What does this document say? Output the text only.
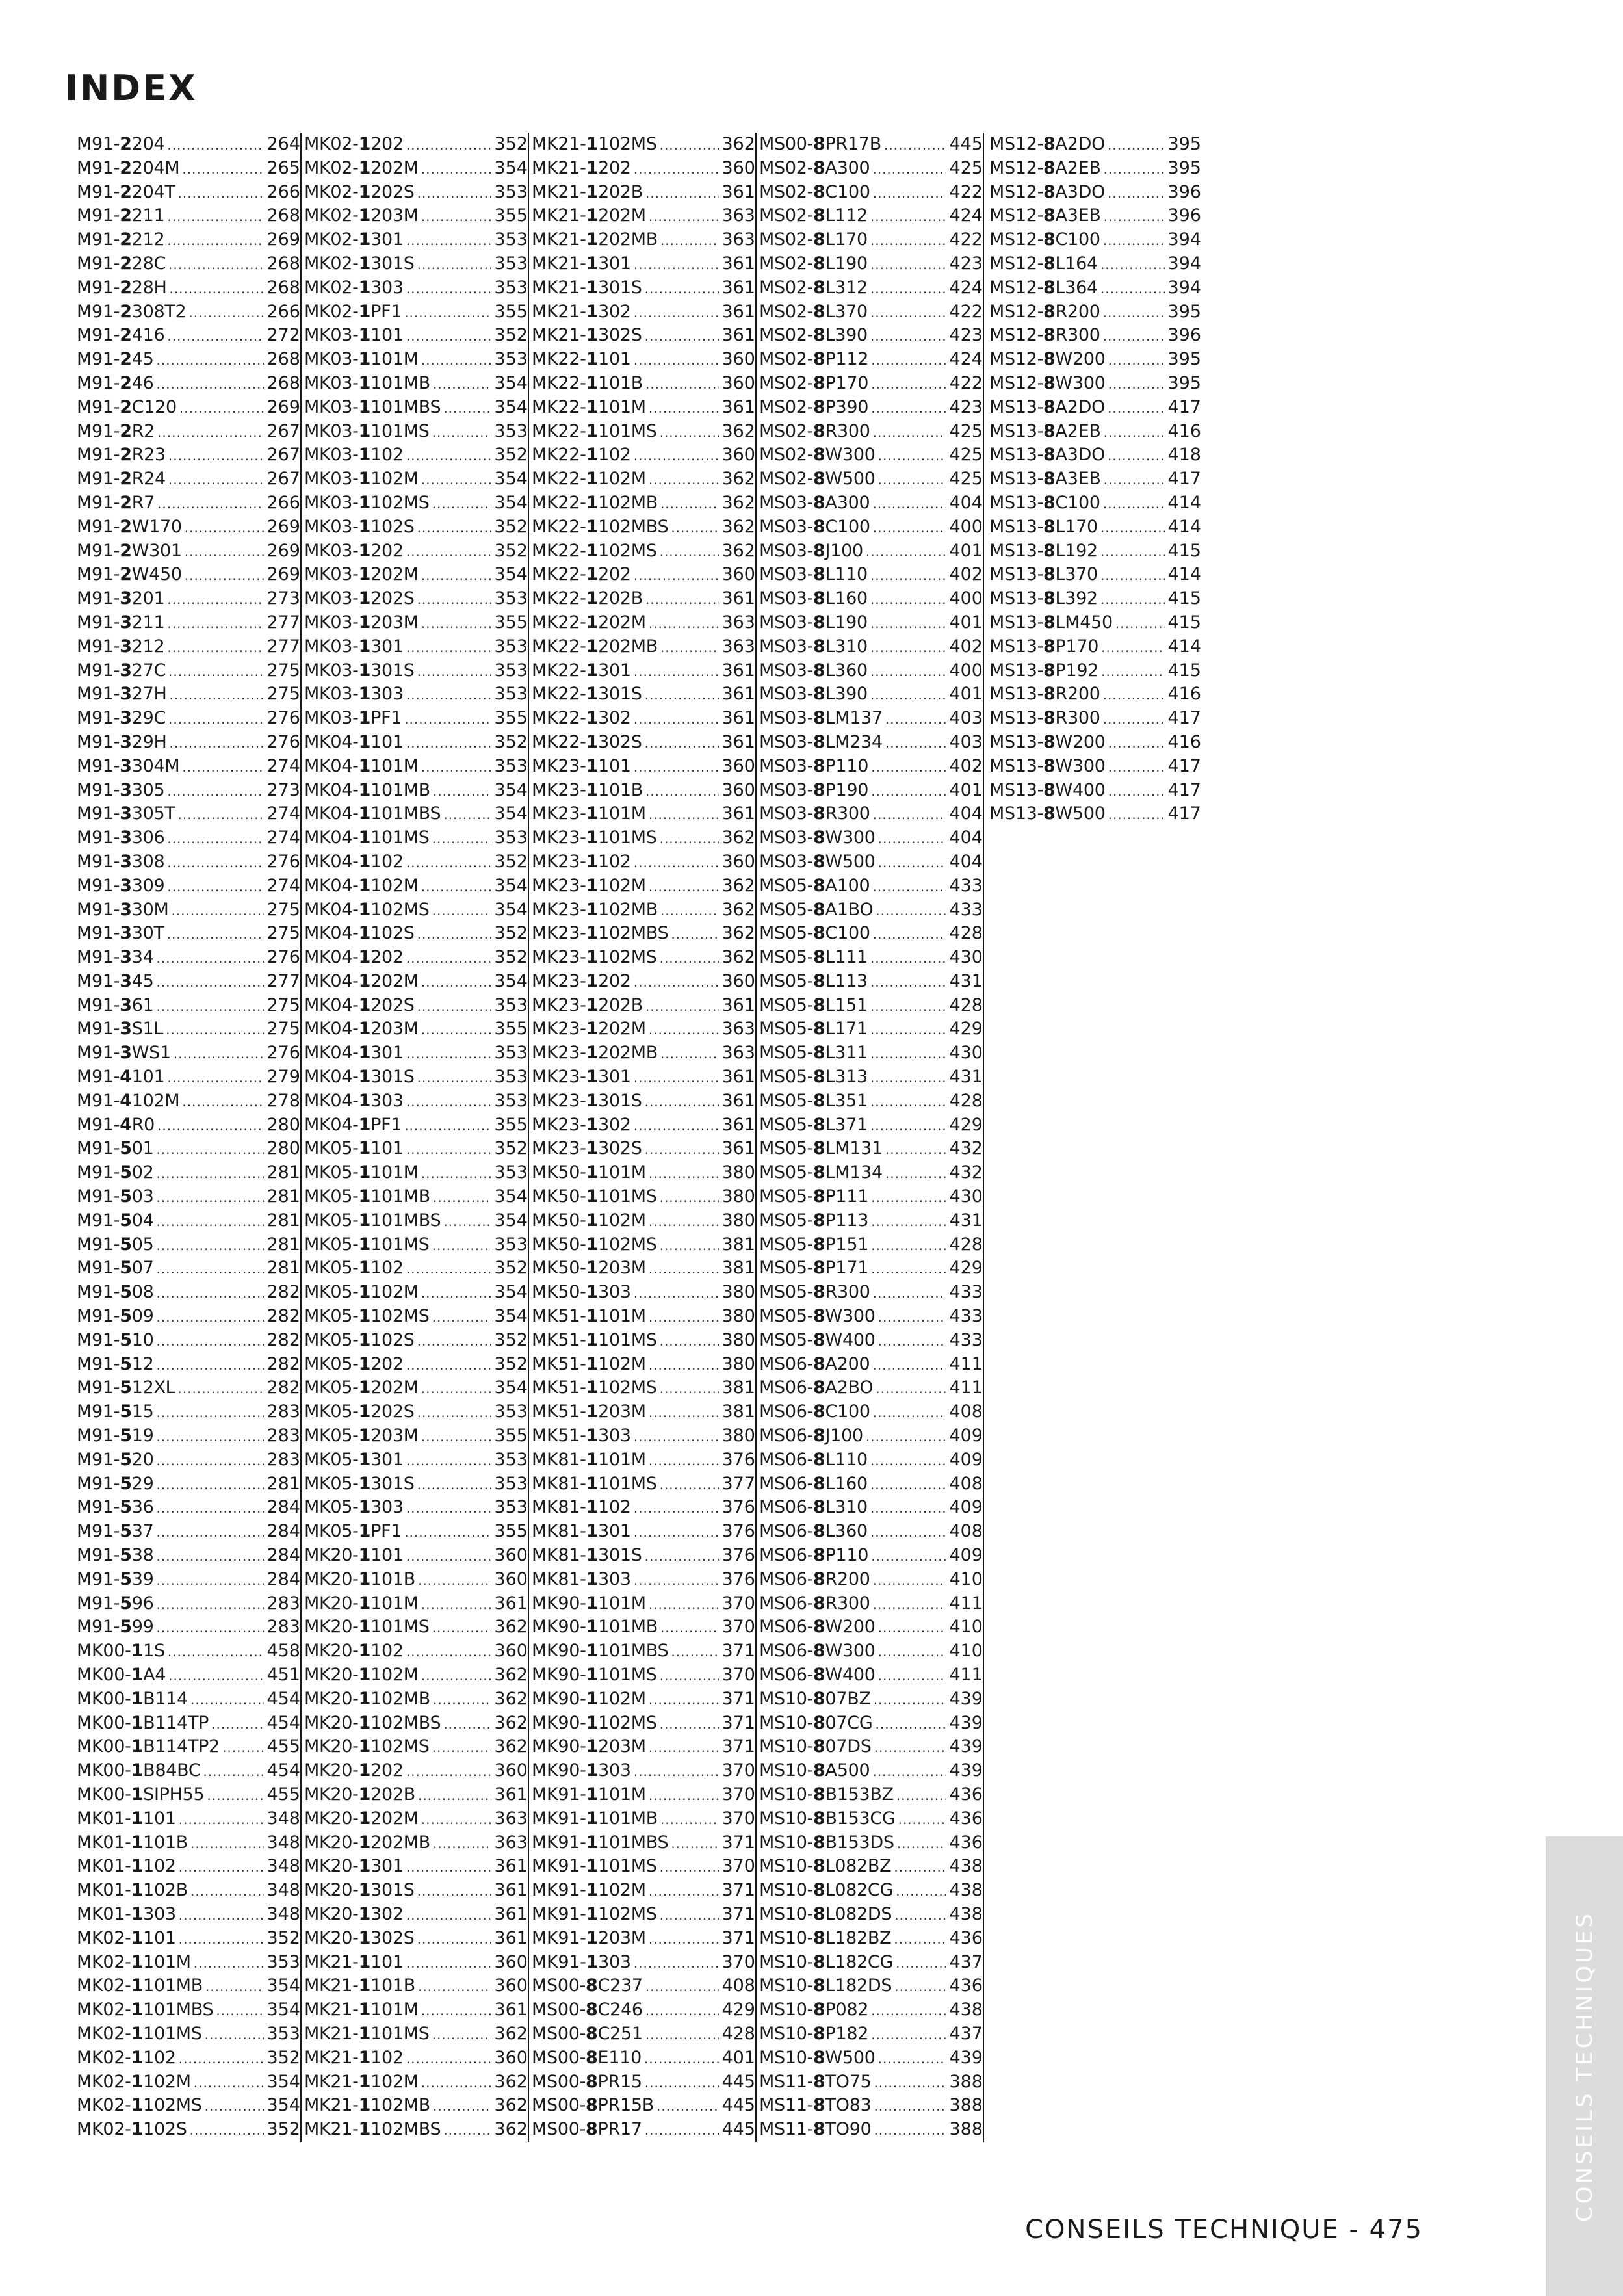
INDEX
M91-2204 .....	264
M91-2204M .....	265
M91-2204T .....	266
M91-2211 .....	268
M91-2212 .....	269
M91-228C .....	268
M91-228H .....	268
M91-2308T2 .....	266
M91-2416 .....	272
M91-245 .....	268
M91-246 .....	268
M91-2C120 .....	269
M91-2R2 .....	267
M91-2R23 .....	267
M91-2R24 .....	267
M91-2R7 .....	266
M91-2W170 .....	269
M91-2W301 .....	269
M91-2W450 .....	269
M91-3201 .....	273
M91-3211 .....	277
M91-3212 .....	277
M91-327C .....	275
M91-327H .....	275
M91-329C .....	276
M91-329H .....	276
M91-3304M .....	274
M91-3305 .....	273
M91-3305T .....	274
M91-3306 .....	274
M91-3308 .....	276
M91-3309 .....	274
M91-330M .....	275
M91-330T .....	275
M91-334 .....	276
M91-345 .....	277
M91-361 .....	275
M91-3S1L .....	275
M91-3WS1 .....	276
M91-4101 .....	279
M91-4102M .....	278
M91-4R0 .....	280
M91-501 .....	280
M91-502 .....	281
M91-503 .....	281
M91-504 .....	281
M91-505 .....	281
M91-507 .....	281
M91-508 .....	282
M91-509 .....	282
M91-510 .....	282
M91-512 .....	282
M91-512XL .....	282
M91-515 .....	283
M91-519 .....	283
M91-520 .....	283
M91-529 .....	281
M91-536 .....	284
M91-537 .....	284
M91-538 .....	284
M91-539 .....	284
M91-596 .....	283
M91-599 .....	283
MK00-11S .....	458
MK00-1A4 .....	451
MK00-1B114 .....	454
MK00-1B114TP .....	454
MK00-1B114TP2 .....	455
MK00-1B84BC .....	454
MK00-1SIPH55 .....	455
MK01-1101 .....	348
MK01-1101B .....	348
MK01-1102 .....	348
MK01-1102B .....	348
MK01-1303 .....	348
MK02-1101 .....	352
MK02-1101M .....	353
MK02-1101MB .....	354
MK02-1101MBS .....	354
MK02-1101MS .....	353
MK02-1102 .....	352
MK02-1102M .....	354
MK02-1102MS .....	354
MK02-1102S .....	352
MK02-1202 .....	352
MK02-1202M .....	354
MK02-1202S .....	353
MK02-1203M .....	355
MK02-1301 .....	353
MK02-1301S .....	353
MK02-1303 .....	353
MK02-1PF1 .....	355
MK03-1101 .....	352
MK03-1101M .....	353
MK03-1101MB .....	354
MK03-1101MBS .....	354
MK03-1101MS .....	353
MK03-1102 .....	352
MK03-1102M .....	354
MK03-1102MS .....	354
MK03-1102S .....	352
MK03-1202 .....	352
MK03-1202M .....	354
MK03-1202S .....	353
MK03-1203M .....	355
MK03-1301 .....	353
MK03-1301S .....	353
MK03-1303 .....	353
MK03-1PF1 .....	355
MK04-1101 .....	352
MK04-1101M .....	353
MK04-1101MB .....	354
MK04-1101MBS .....	354
MK04-1101MS .....	353
MK04-1102 .....	352
MK04-1102M .....	354
MK04-1102MS .....	354
MK04-1102S .....	352
MK04-1202 .....	352
MK04-1202M .....	354
MK04-1202S .....	353
MK04-1203M .....	355
MK04-1301 .....	353
MK04-1301S .....	353
MK04-1303 .....	353
MK04-1PF1 .....	355
MK05-1101 .....	352
MK05-1101M .....	353
MK05-1101MB .....	354
MK05-1101MBS .....	354
MK05-1101MS .....	353
MK05-1102 .....	352
MK05-1102M .....	354
MK05-1102MS .....	354
MK05-1102S .....	352
MK05-1202 .....	352
MK05-1202M .....	354
MK05-1202S .....	353
MK05-1203M .....	355
MK05-1301 .....	353
MK05-1301S .....	353
MK05-1303 .....	353
MK05-1PF1 .....	355
MK20-1101 .....	360
MK20-1101B .....	360
MK20-1101M .....	361
MK20-1101MS .....	362
MK20-1102 .....	360
MK20-1102M .....	362
MK20-1102MB .....	362
MK20-1102MBS .....	362
MK20-1102MS .....	362
MK20-1202 .....	360
MK20-1202B .....	361
MK20-1202M .....	363
MK20-1202MB .....	363
MK20-1301 .....	361
MK20-1301S .....	361
MK20-1302 .....	361
MK20-1302S .....	361
MK21-1101 .....	360
MK21-1101B .....	360
MK21-1101M .....	361
MK21-1101MS .....	362
MK21-1102 .....	360
MK21-1102M .....	362
MK21-1102MB .....	362
MK21-1102MBS .....	362
MK21-1102MS .....	362
MK21-1202 .....	360
MK21-1202B .....	361
MK21-1202M .....	363
MK21-1202MB .....	363
MK21-1301 .....	361
MK21-1301S .....	361
MK21-1302 .....	361
MK21-1302S .....	361
MK22-1101 .....	360
MK22-1101B .....	360
MK22-1101M .....	361
MK22-1101MS .....	362
MK22-1102 .....	360
MK22-1102M .....	362
MK22-1102MB .....	362
MK22-1102MBS .....	362
MK22-1102MS .....	362
MK22-1202 .....	360
MK22-1202B .....	361
MK22-1202M .....	363
MK22-1202MB .....	363
MK22-1301 .....	361
MK22-1301S .....	361
MK22-1302 .....	361
MK22-1302S .....	361
MK23-1101 .....	360
MK23-1101B .....	360
MK23-1101M .....	361
MK23-1101MS .....	362
MK23-1102 .....	360
MK23-1102M .....	362
MK23-1102MB .....	362
MK23-1102MBS .....	362
MK23-1102MS .....	362
MK23-1202 .....	360
MK23-1202B .....	361
MK23-1202M .....	363
MK23-1202MB .....	363
MK23-1301 .....	361
MK23-1301S .....	361
MK23-1302 .....	361
MK23-1302S .....	361
MK50-1101M .....	380
MK50-1101MS .....	380
MK50-1102M .....	380
MK50-1102MS .....	381
MK50-1203M .....	381
MK50-1303 .....	380
MK51-1101M .....	380
MK51-1101MS .....	380
MK51-1102M .....	380
MK51-1102MS .....	381
MK51-1203M .....	381
MK51-1303 .....	380
MK81-1101M .....	376
MK81-1101MS .....	377
MK81-1102 .....	376
MK81-1301 .....	376
MK81-1301S .....	376
MK81-1303 .....	376
MK90-1101M .....	370
MK90-1101MB .....	370
MK90-1101MBS .....	371
MK90-1101MS .....	370
MK90-1102M .....	371
MK90-1102MS .....	371
MK90-1203M .....	371
MK90-1303 .....	370
MK91-1101M .....	370
MK91-1101MB .....	370
MK91-1101MBS .....	371
MK91-1101MS .....	370
MK91-1102M .....	371
MK91-1102MS .....	371
MK91-1203M .....	371
MK91-1303 .....	370
MS00-8C237 .....	408
MS00-8C246 .....	429
MS00-8C251 .....	428
MS00-8E110 .....	401
MS00-8PR15 .....	445
MS00-8PR15B .....	445
MS00-8PR17 .....	445
MS00-8PR17B .....	445
MS02-8A300 .....	425
MS02-8C100 .....	422
MS02-8L112 .....	424
MS02-8L170 .....	422
MS02-8L190 .....	423
MS02-8L312 .....	424
MS02-8L370 .....	422
MS02-8L390 .....	423
MS02-8P112 .....	424
MS02-8P170 .....	422
MS02-8P390 .....	423
MS02-8R300 .....	425
MS02-8W300 .....	425
MS02-8W500 .....	425
MS03-8A300 .....	404
MS03-8C100 .....	400
MS03-8J100 .....	401
MS03-8L110 .....	402
MS03-8L160 .....	400
MS03-8L190 .....	401
MS03-8L310 .....	402
MS03-8L360 .....	400
MS03-8L390 .....	401
MS03-8LM137 .....	403
MS03-8LM234 .....	403
MS03-8P110 .....	402
MS03-8P190 .....	401
MS03-8R300 .....	404
MS03-8W300 .....	404
MS03-8W500 .....	404
MS05-8A100 .....	433
MS05-8A1BO .....	433
MS05-8C100 .....	428
MS05-8L111 .....	430
MS05-8L113 .....	431
MS05-8L151 .....	428
MS05-8L171 .....	429
MS05-8L311 .....	430
MS05-8L313 .....	431
MS05-8L351 .....	428
MS05-8L371 .....	429
MS05-8LM131 .....	432
MS05-8LM134 .....	432
MS05-8P111 .....	430
MS05-8P113 .....	431
MS05-8P151 .....	428
MS05-8P171 .....	429
MS05-8R300 .....	433
MS05-8W300 .....	433
MS05-8W400 .....	433
MS06-8A200 .....	411
MS06-8A2BO .....	411
MS06-8C100 .....	408
MS06-8J100 .....	409
MS06-8L110 .....	409
MS06-8L160 .....	408
MS06-8L310 .....	409
MS06-8L360 .....	408
MS06-8P110 .....	409
MS06-8R200 .....	410
MS06-8R300 .....	411
MS06-8W200 .....	410
MS06-8W300 .....	410
MS06-8W400 .....	411
MS10-807BZ .....	439
MS10-807CG .....	439
MS10-807DS .....	439
MS10-8A500 .....	439
MS10-8B153BZ .....	436
MS10-8B153CG .....	436
MS10-8B153DS .....	436
MS10-8L082BZ .....	438
MS10-8L082CG .....	438
MS10-8L082DS .....	438
MS10-8L182BZ .....	436
MS10-8L182CG .....	437
MS10-8L182DS .....	436
MS10-8P082 .....	438
MS10-8P182 .....	437
MS10-8W500 .....	439
MS11-8TO75 .....	388
MS11-8TO83 .....	388
MS11-8TO90 .....	388
MS12-8A2DO .....	395
MS12-8A2EB .....	395
MS12-8A3DO .....	396
MS12-8A3EB .....	396
MS12-8C100 .....	394
MS12-8L164 .....	394
MS12-8L364 .....	394
MS12-8R200 .....	395
MS12-8R300 .....	396
MS12-8W200 .....	395
MS12-8W300 .....	395
MS13-8A2DO .....	417
MS13-8A2EB .....	416
MS13-8A3DO .....	418
MS13-8A3EB .....	417
MS13-8C100 .....	414
MS13-8L170 .....	414
MS13-8L192 .....	415
MS13-8L370 .....	414
MS13-8L392 .....	415
MS13-8LM450 .....	415
MS13-8P170 .....	414
MS13-8P192 .....	415
MS13-8R200 .....	416
MS13-8R300 .....	417
MS13-8W200 .....	416
MS13-8W300 .....	417
MS13-8W400 .....	417
MS13-8W500 .....	417
CONSEILS TECHNIQUES
CONSEILS TECHNIQUE - 475
